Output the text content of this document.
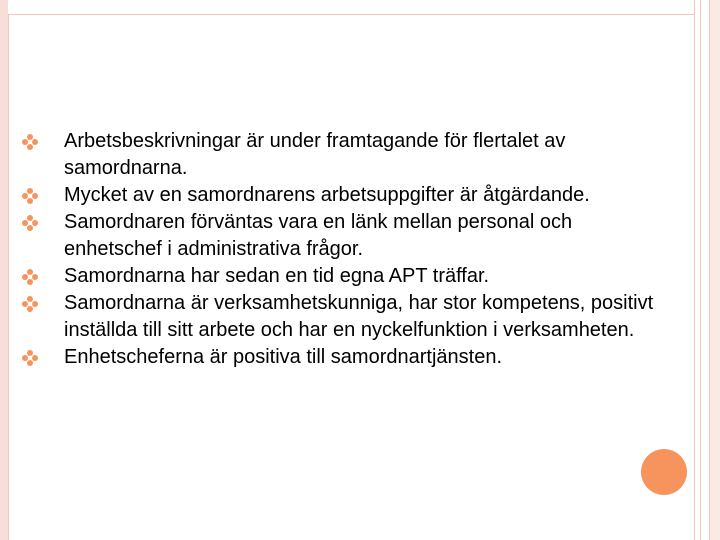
Arbetsbeskrivningar är under framtagande för flertalet av samordnarna.
Mycket av en samordnarens arbetsuppgifter är åtgärdande.
Samordnaren förväntas vara en länk mellan personal och enhetschef i administrativa frågor.
Samordnarna har sedan en tid egna APT träffar.
Samordnarna är verksamhetskunniga, har stor kompetens, positivt inställda till sitt arbete och har en nyckelfunktion i verksamheten.
Enhetscheferna är positiva till samordnartjänsten.
